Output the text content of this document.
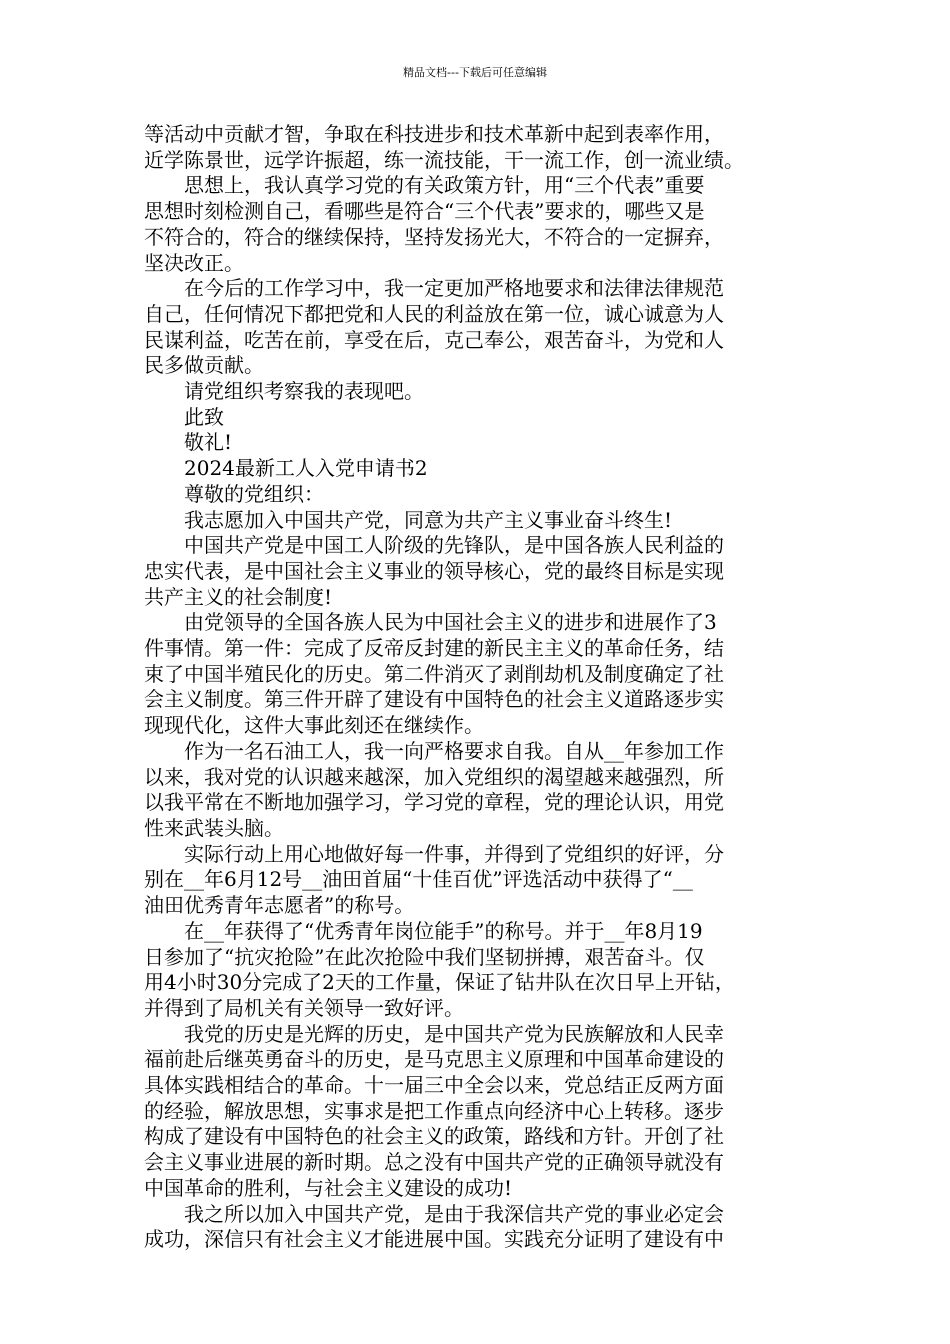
精品文档---下载后可任意编辑
等活动中贡献才智，争取在科技进步和技术革新中起到表率作用，
近学陈景世，远学许振超，练一流技能，干一流工作，创一流业绩。
思想上，我认真学习党的有关政策方针，用“三个代表”重要
思想时刻检测自己，看哪些是符合“三个代表”要求的，哪些又是
不符合的，符合的继续保持，坚持发扬光大，不符合的一定摒弃，
坚决改正。
在今后的工作学习中，我一定更加严格地要求和法律法律规范
自己，任何情况下都把党和人民的利益放在第一位，诚心诚意为人
民谋利益，吃苦在前，享受在后，克己奉公，艰苦奋斗，为党和人
民多做贡献。
请党组织考察我的表现吧。
此致
敬礼!
2024最新工人入党申请书2
尊敬的党组织：
我志愿加入中国共产党，同意为共产主义事业奋斗终生!
中国共产党是中国工人阶级的先锋队，是中国各族人民利益的
忠实代表，是中国社会主义事业的领导核心，党的最终目标是实现
共产主义的社会制度!
由党领导的全国各族人民为中国社会主义的进步和进展作了3
件事情。第一件：完成了反帝反封建的新民主主义的革命任务，结
束了中国半殖民化的历史。第二件消灭了剥削劫机及制度确定了社
会主义制度。第三件开辟了建设有中国特色的社会主义道路逐步实
现现代化，这件大事此刻还在继续作。
作为一名石油工人，我一向严格要求自我。自从__年参加工作
以来，我对党的认识越来越深，加入党组织的渴望越来越强烈，所
以我平常在不断地加强学习，学习党的章程，党的理论认识，用党
性来武装头脑。
实际行动上用心地做好每一件事，并得到了党组织的好评，分
别在__年6月12号__油田首届“十佳百优”评选活动中获得了“__
油田优秀青年志愿者”的称号。
在__年获得了“优秀青年岗位能手”的称号。并于__年8月19
日参加了“抗灾抢险”在此次抢险中我们坚韧拼搏，艰苦奋斗。仅
用4小时30分完成了2天的工作量，保证了钻井队在次日早上开钻，
并得到了局机关有关领导一致好评。
我党的历史是光辉的历史，是中国共产党为民族解放和人民幸
福前赴后继英勇奋斗的历史，是马克思主义原理和中国革命建设的
具体实践相结合的革命。十一届三中全会以来，党总结正反两方面
的经验，解放思想，实事求是把工作重点向经济中心上转移。逐步
构成了建设有中国特色的社会主义的政策，路线和方针。开创了社
会主义事业进展的新时期。总之没有中国共产党的正确领导就没有
中国革命的胜利，与社会主义建设的成功!
我之所以加入中国共产党，是由于我深信共产党的事业必定会
成功，深信只有社会主义才能进展中国。实践充分证明了建设有中
